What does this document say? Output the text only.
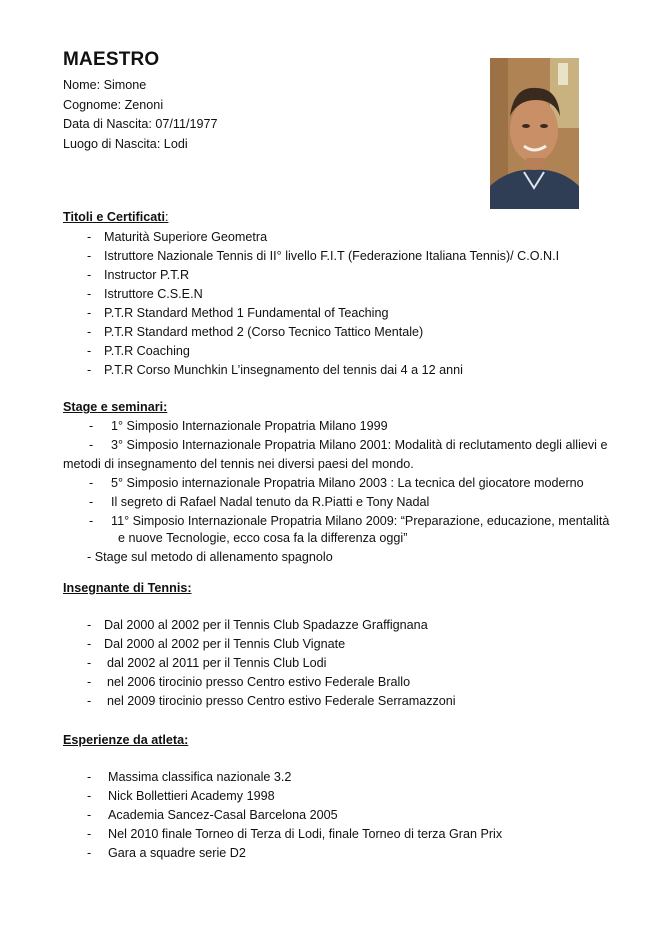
MAESTRO
Nome: Simone
Cognome: Zenoni
Data di Nascita: 07/11/1977
Luogo di Nascita: Lodi
Titoli e Certificati:
- Maturità Superiore Geometra
- Istruttore Nazionale Tennis di II° livello F.I.T (Federazione Italiana Tennis)/ C.O.N.I
- Instructor P.T.R
- Istruttore C.S.E.N
- P.T.R Standard Method 1 Fundamental of Teaching
- P.T.R Standard method 2 (Corso Tecnico Tattico Mentale)
- P.T.R Coaching
- P.T.R Corso Munchkin L’insegnamento del tennis dai 4 a 12 anni
Stage e seminari:
- 1° Simposio Internazionale Propatria Milano 1999
- 3° Simposio Internazionale Propatria Milano 2001: Modalità di reclutamento degli allievi e
metodi di insegnamento del tennis nei diversi paesi del mondo.
- 5° Simposio internazionale Propatria Milano 2003 : La tecnica del giocatore moderno
- Il segreto di Rafael Nadal tenuto da R.Piatti e Tony Nadal
- 11° Simposio Internazionale Propatria Milano 2009: “Preparazione, educazione, mentalità
e nuove Tecnologie, ecco cosa fa la differenza oggi”
- Stage sul metodo di allenamento spagnolo
Insegnante di Tennis:
- Dal 2000 al 2002 per il Tennis Club Spadazze Graffignana
- Dal 2000 al 2002 per il Tennis Club Vignate
- dal 2002 al 2011 per il Tennis Club Lodi
- nel 2006 tirocinio presso Centro estivo Federale Brallo
- nel 2009 tirocinio presso Centro estivo Federale Serramazzoni
Esperienze da atleta:
- Massima classifica nazionale 3.2
- Nick Bollettieri Academy 1998
- Academia Sancez-Casal Barcelona 2005
- Nel 2010 finale Torneo di Terza di Lodi, finale Torneo di terza Gran Prix
- Gara a squadre serie D2
